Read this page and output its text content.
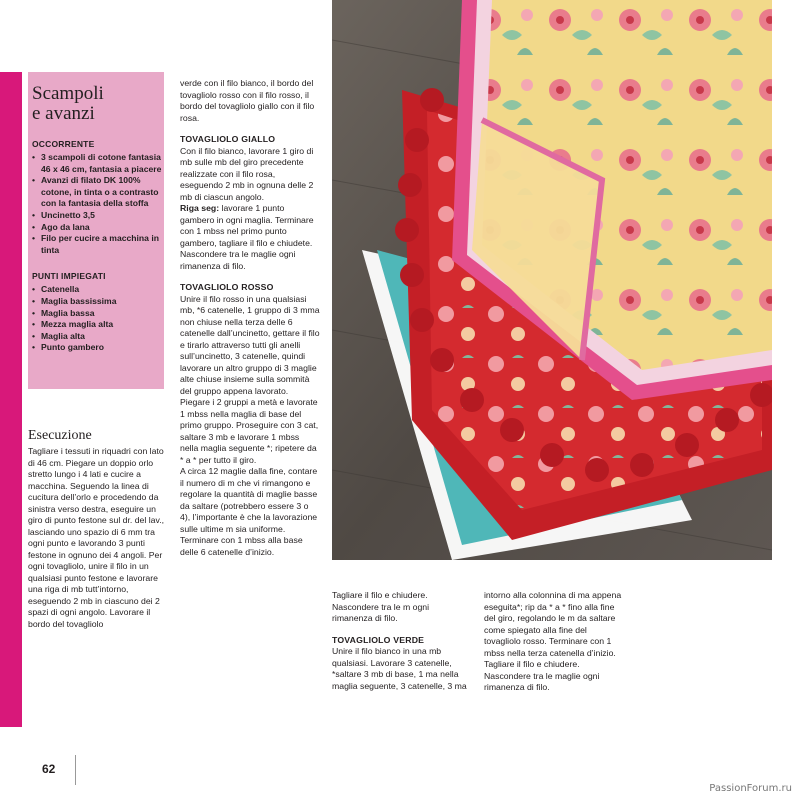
Scampoli
e avanzi
OCCORRENTE
• 3 scampoli di cotone fantasia 46 x 46 cm, fantasia a piacere
• Avanzi di filato DK 100% cotone, in tinta o a contrasto con la fantasia della stoffa
• Uncinetto 3,5
• Ago da lana
• Filo per cucire a macchina in tinta
PUNTI IMPIEGATI
• Catenella
• Maglia bassissima
• Maglia bassa
• Mezza maglia alta
• Maglia alta
• Punto gambero
Esecuzione

Tagliare i tessuti in riquadri con lato di 46 cm. Piegare un doppio orlo stretto lungo i 4 lati e cucire a macchina. Seguendo la linea di cucitura dell’orlo e procedendo da sinistra verso destra, eseguire un giro di punto festone sul dr. del lav., lasciando uno spazio di 6 mm tra ogni punto e lavorando 3 punti festone in ognuno dei 4 angoli. Per ogni tovagliolo, unire il filo in un qualsiasi punto festone e lavorare una riga di mb tutt’intorno, eseguendo 2 mb in ciascuno dei 2 spazi di ogni angolo. Lavorare il bordo del tovagliolo

verde con il filo bianco, il bordo del tovagliolo rosso con il filo rosso, il bordo del tovagliolo giallo con il filo rosa.

TOVAGLIOLO GIALLO

Con il filo bianco, lavorare 1 giro di mb sulle mb del giro precedente realizzate con il filo rosa, eseguendo 2 mb in ognuna delle 2 mb di ciascun angolo.

Riga seg: lavorare 1 punto gambero in ogni maglia. Terminare con 1 mbss nel primo punto gambero, tagliare il filo e chiudete. Nascondere tra le maglie ogni rimanenza di filo.

TOVAGLIOLO ROSSO

Unire il filo rosso in una qualsiasi mb, *6 catenelle, 1 gruppo di 3 mma non chiuse nella terza delle 6 catenelle dall’uncinetto, gettare il filo e tirarlo attraverso tutti gli anelli sull’uncinetto, 3 catenelle, quindi lavorare un altro gruppo di 3 maglie alte chiuse insieme sulla sommità del gruppo appena lavorato. Piegare i 2 gruppi a metà e lavorate 1 mbss nella maglia di base del primo gruppo. Proseguire con 3 cat, saltare 3 mb e lavorare 1 mbss nella maglia seguente *; ripetere da * a * per tutto il giro.

A circa 12 maglie dalla fine, contare il numero di m che vi rimangono e regolare la quantità di maglie basse da saltare (potrebbero essere 3 o 4), l’importante è che la lavorazione sulle ultime m sia uniforme. Terminare con 1 mbss alla base delle 6 catenelle d’inizio.

Tagliare il filo e chiudere. Nascondere tra le m ogni rimanenza di filo.

TOVAGLIOLO VERDE

Unire il filo bianco in una mb qualsiasi. Lavorare 3 catenelle, *saltare 3 mb di base, 1 ma nella maglia seguente, 3 catenelle, 3 ma

intorno alla colonnina di ma appena eseguita*; rip da * a * fino alla fine del giro, regolando le m da saltare come spiegato alla fine del tovagliolo rosso. Terminare con 1 mbss nella terza catenella d’inizio. Tagliare il filo e chiudere. Nascondere tra le maglie ogni rimanenza di filo.

62
PassionForum.ru
